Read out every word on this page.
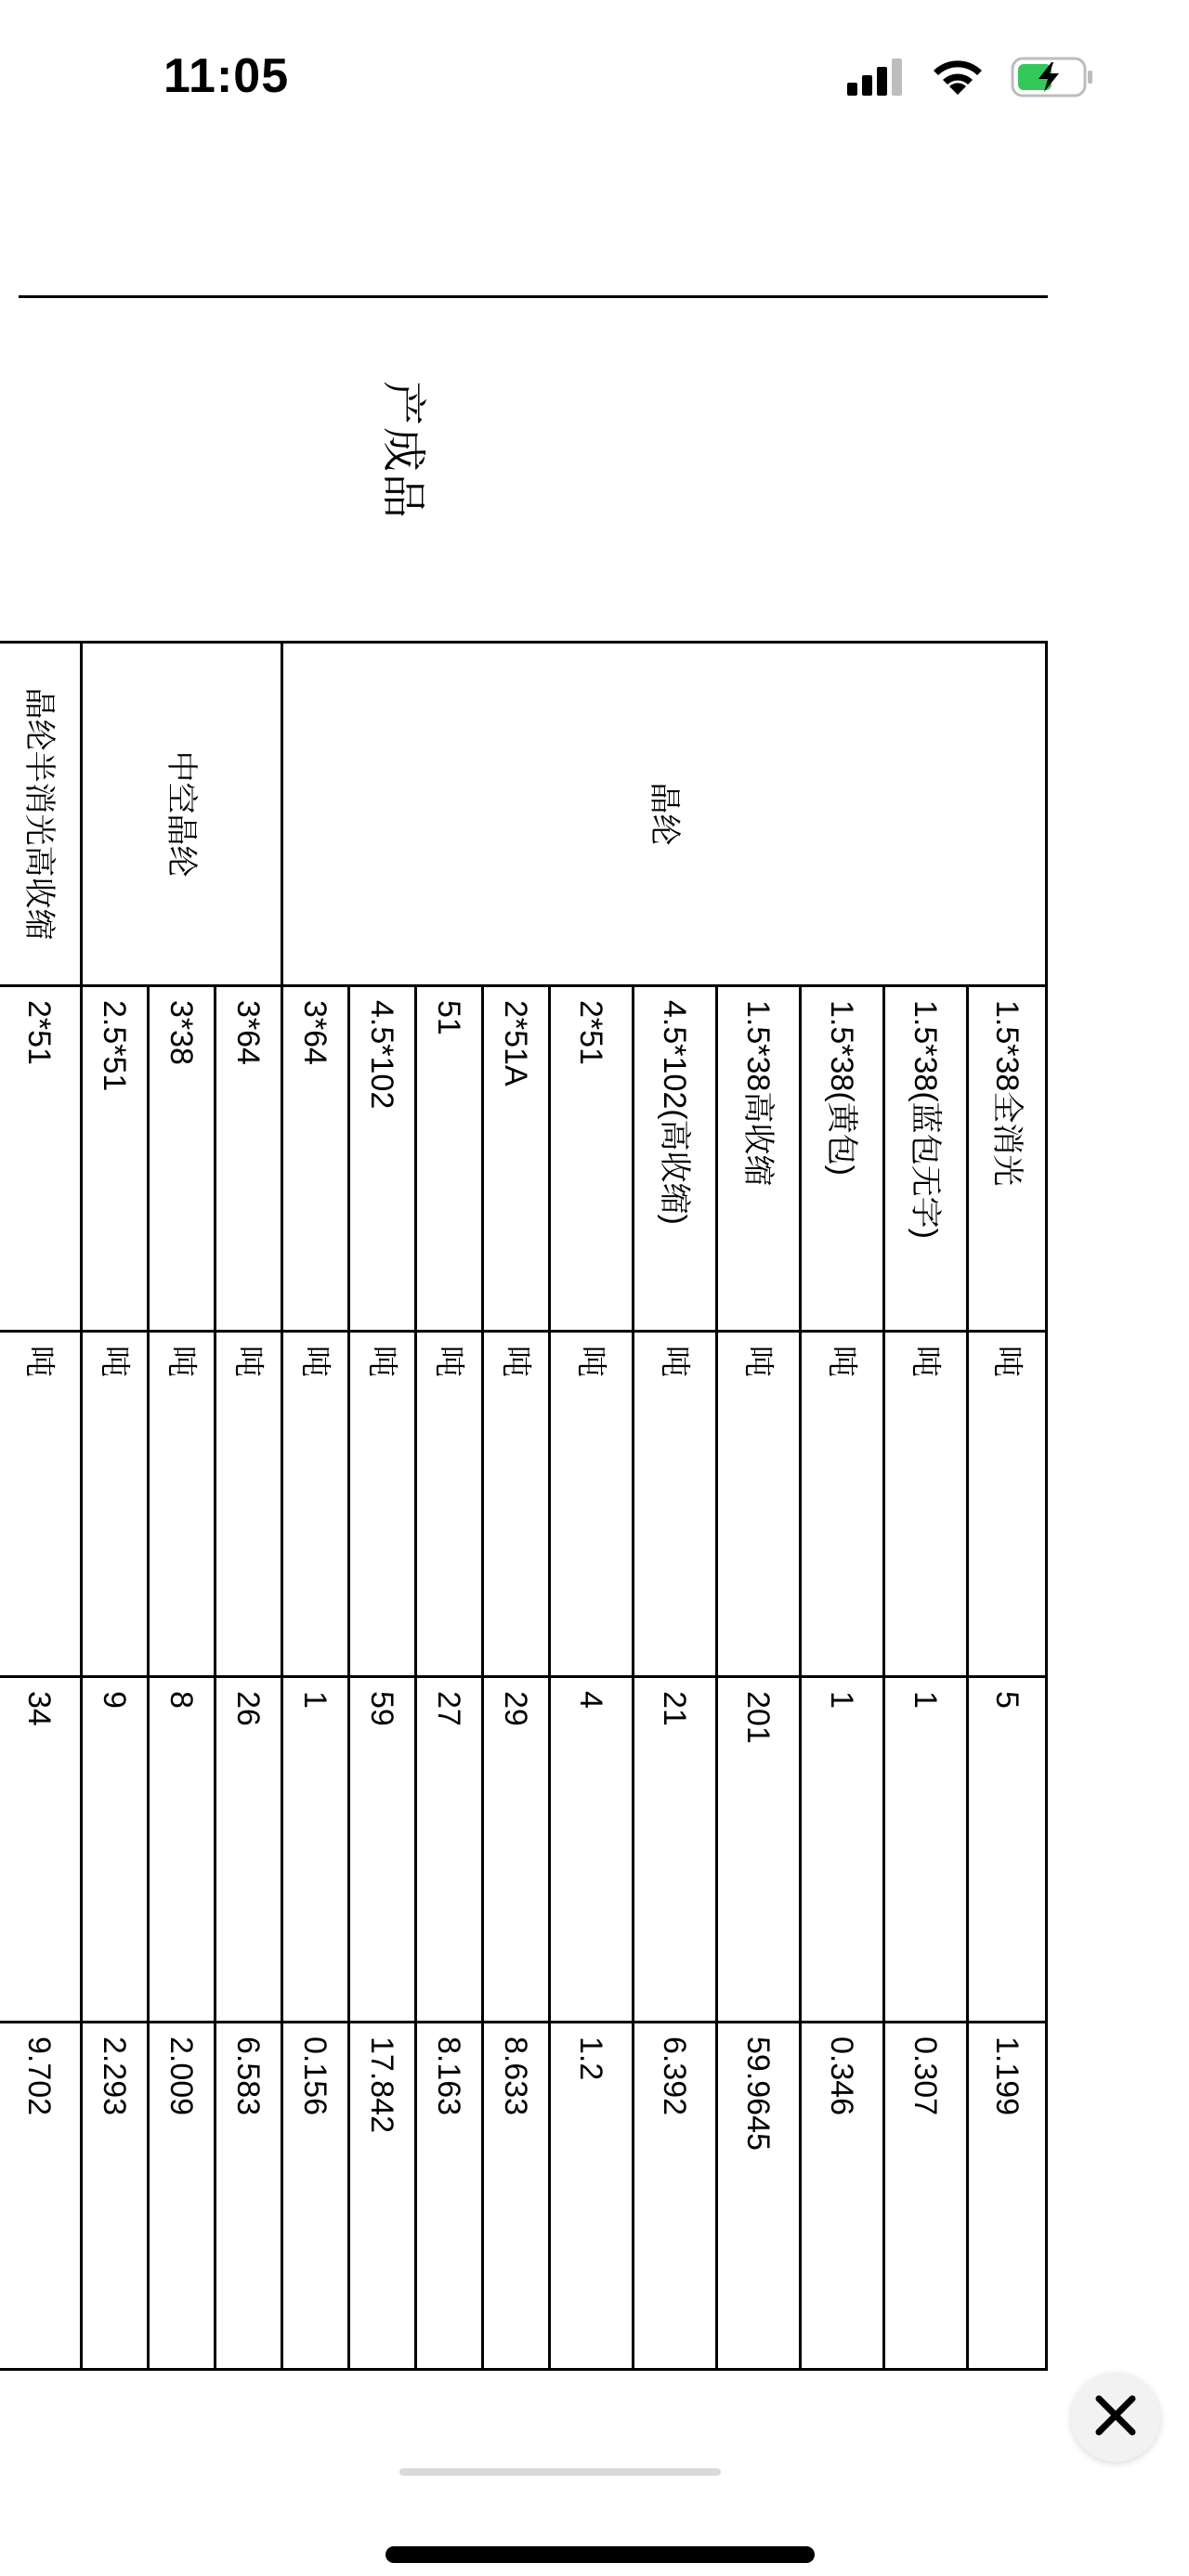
11:05
产成品
晶纶	1.5*38全消光	吨	5	1.199
	1.5*38(蓝包无字)	吨	1	0.307
	1.5*38(黄包)	吨	1	0.346
	1.5*38高收缩	吨	201	59.9645
	4.5*102(高收缩)	吨	21	6.392
	2*51	吨	4	1.2
	2*51A	吨	29	8.633
	51	吨	27	8.163
	4.5*102	吨	59	17.842
	3*64	吨	1	0.156
中空晶纶	3*64	吨	26	6.583
	3*38	吨	8	2.009
	2.5*51	吨	9	2.293
晶纶半消光高收缩	2*51	吨	34	9.702
